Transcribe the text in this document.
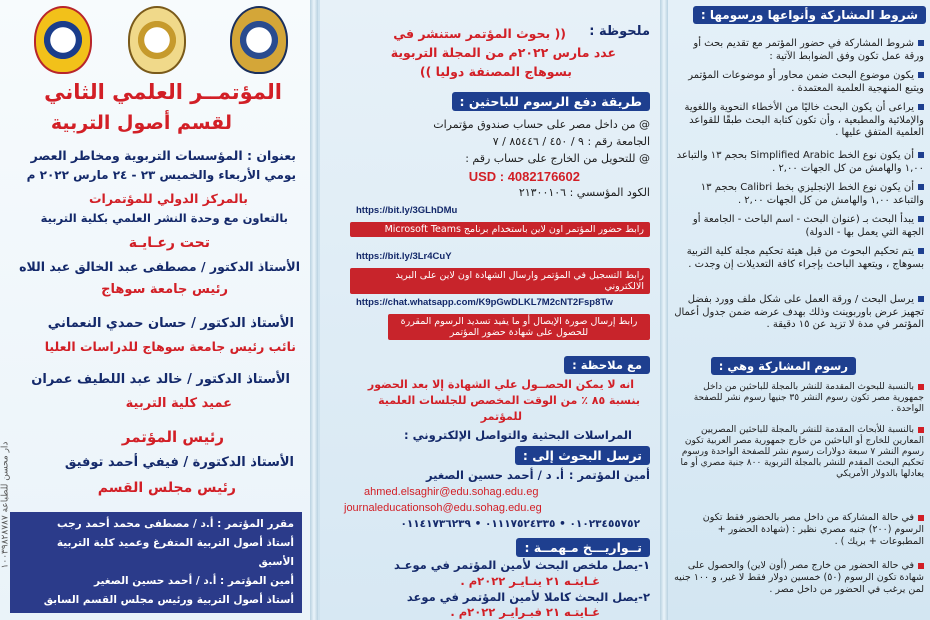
المؤتمــر العلمي الثاني

لقسم أصول التربية

بعنوان : المؤسسات التربوية ومخاطر العصر

يومي الأربعاء والخميس ٢٣ - ٢٤ مارس ٢٠٢٢ م

بالمركز الدولي للمؤتمرات

بالتعاون مع وحدة النشر العلمي بكلية التربية

تحت رعـايـة

الأستاذ الدكتور / مصطفى عبد الخالق عبد اللاه

رئيس جامعة سوهاج

الأستاذ الدكتور / حسان حمدي النعماني

نائب رئيس جامعة سوهاج للدراسات العليا

الأستاذ الدكتور / خالد عبد اللطيف عمران

عميد كلية التربية

رئيس المؤتمر

الأستاذ الدكتورة / فيفي أحمد توفيق

رئيس مجلس القسم

دار محسن للطباعة ١٠٠٣٩٨٢٨٧٨٧

مقرر المؤتمر : أ.د / مصطفى محمد أحمد رجب

أستاذ أصول التربية المتفرغ وعميد كلية التربية الأسبق

أمين المؤتمر : أ.د / أحمد حسين الصغير

أستاذ أصول التربية ورئيس مجلس القسم السابق

ملحوظة :

(( بحوث المؤتمر ستنشر في

عدد مارس ٢٠٢٢م من المجلة التربوية

بسوهاج المصنفة دوليا ))

طريقة دفع الرسوم للباحثين :

@ من داخل مصر على حساب صندوق مؤتمرات

الجامعة رقم : ٩ / ٤٥٠ / ٨٥٤٤٦ / ٧

@ للتحويل من الخارج على حساب رقم :

USD : 4082176602

الكود المؤسسي : ٢١٣٠٠١٠٦

https://bit.ly/3GLhDMu
رابط حضور المؤتمر اون لاين باستخدام برنامج Microsoft Teams
https://bit.ly/3Lr4CuY
رابط التسجيل في المؤتمر وارسال الشهادة اون لاين على البريد الالكتروني
https://chat.whatsapp.com/K9pGwDLKL7M2cNT2Fsp8Tw
رابط إرسال صورة الإيصال أو ما يفيد تسديد الرسوم المقررة
للحصول على شهادة حضور المؤتمر

مع ملاحظة :

انه لا يمكن الحصــول علي الشهادة إلا بعد الحضور

بنسبة ٨٥ ٪ من الوقت المخصص للجلسات العلمية

للمؤتمر

المراسلات البحثية والتواصل الإلكتروني :

ترسل البحوث إلى :

أمين المؤتمر :

أ. د / أحمد حسين الصغير

ahmed.elsaghir@edu.sohag.edu.eg
journaleducationsoh@edu.sohag.edu.eg

٠١٠٢٣٤٥٥٧٥٢ • ٠١١١٧٥٢٤٣٣٥ • ٠١١٤١٧٣٦٢٣٩

تــواريـــخ مـهمــة :

١-يصل ملخص البحث لأمين المؤتمر في موعـد

غـايتـه ٢١ ينـايـر ٢٠٢٢م .

٢-يصل البحث كاملا لأمين المؤتمر في موعد

غـايتـه ٢١ فبـرايـر ٢٠٢٢م .

شروط المشاركة وأنواعها ورسومها :

شروط المشاركة في حضور المؤتمر مع تقديم بحث أو ورقة عمل تكون وفق الضوابط الآتية :

يكون موضوع البحث ضمن محاور أو موضوعات المؤتمر ويتبع المنهجية العلمية المعتمدة .

يراعى أن يكون البحث خاليًا من الأخطاء النحوية واللغوية والإملائية والمطبعية ، وأن تكون كتابة البحث طبقًا للقواعد العلمية المتفق عليها .

أن يكون نوع الخط Simplified Arabic بحجم ١٣ والتباعد ١,٠٠ والهامش من كل الجهات ٢,٠٠ .

أن يكون نوع الخط الإنجليزي بخط Calibri بحجم ١٣ والتباعد ١,٠٠ والهامش من كل الجهات ٢,٠٠ .

يبدأ البحث بـ (عنوان البحث - اسم الباحث - الجامعة أو الجهة التي يعمل بها - الدولة)

يتم تحكيم البحوث من قبل هيئة تحكيم مجلة كلية التربية بسوهاج ، ويتعهد الباحث بإجراء كافة التعديلات إن وجدت .

يرسل البحث / ورقة العمل على شكل ملف وورد بفضل تجهيز عرض باوربوينت وذلك بهدف عرضه ضمن جدول أعمال المؤتمر في مدة لا تزيد عن ١٥ دقيقة .

رسوم المشاركة وهي :

بالنسبة للبحوث المقدمة للنشر بالمجلة للباحثين من داخل جمهورية مصر تكون رسوم النشر ٣٥ جنيها رسوم نشر للصفحة الواحدة .

بالنسبة للأبحاث المقدمة للنشر بالمجلة للباحثين المصريين المعارين للخارج أو الباحثين من خارج جمهورية مصر العربية تكون رسوم النشر ٧ سبعة دولارات رسوم نشر للصفحة الواحدة ورسوم تحكيم البحث المقدم للنشر بالمجلة التربوية ٨٠٠ جنية مصري أو ما يعادلها بالدولار الأمريكي

في حالة المشاركة من داخل مصر بالحضور فقط تكون الرسوم (٢٠٠) جنيه مصري نظير : (شهادة الحضور + المطبوعات + بريك ) .

في حالة الحضور من خارج مصر (أون لاين) والحصول على شهادة تكون الرسوم (٥٠) خمسين دولار فقط لا غير، و ١٠٠ جنيه لمن يرغب في الحضور من داخل مصر .
